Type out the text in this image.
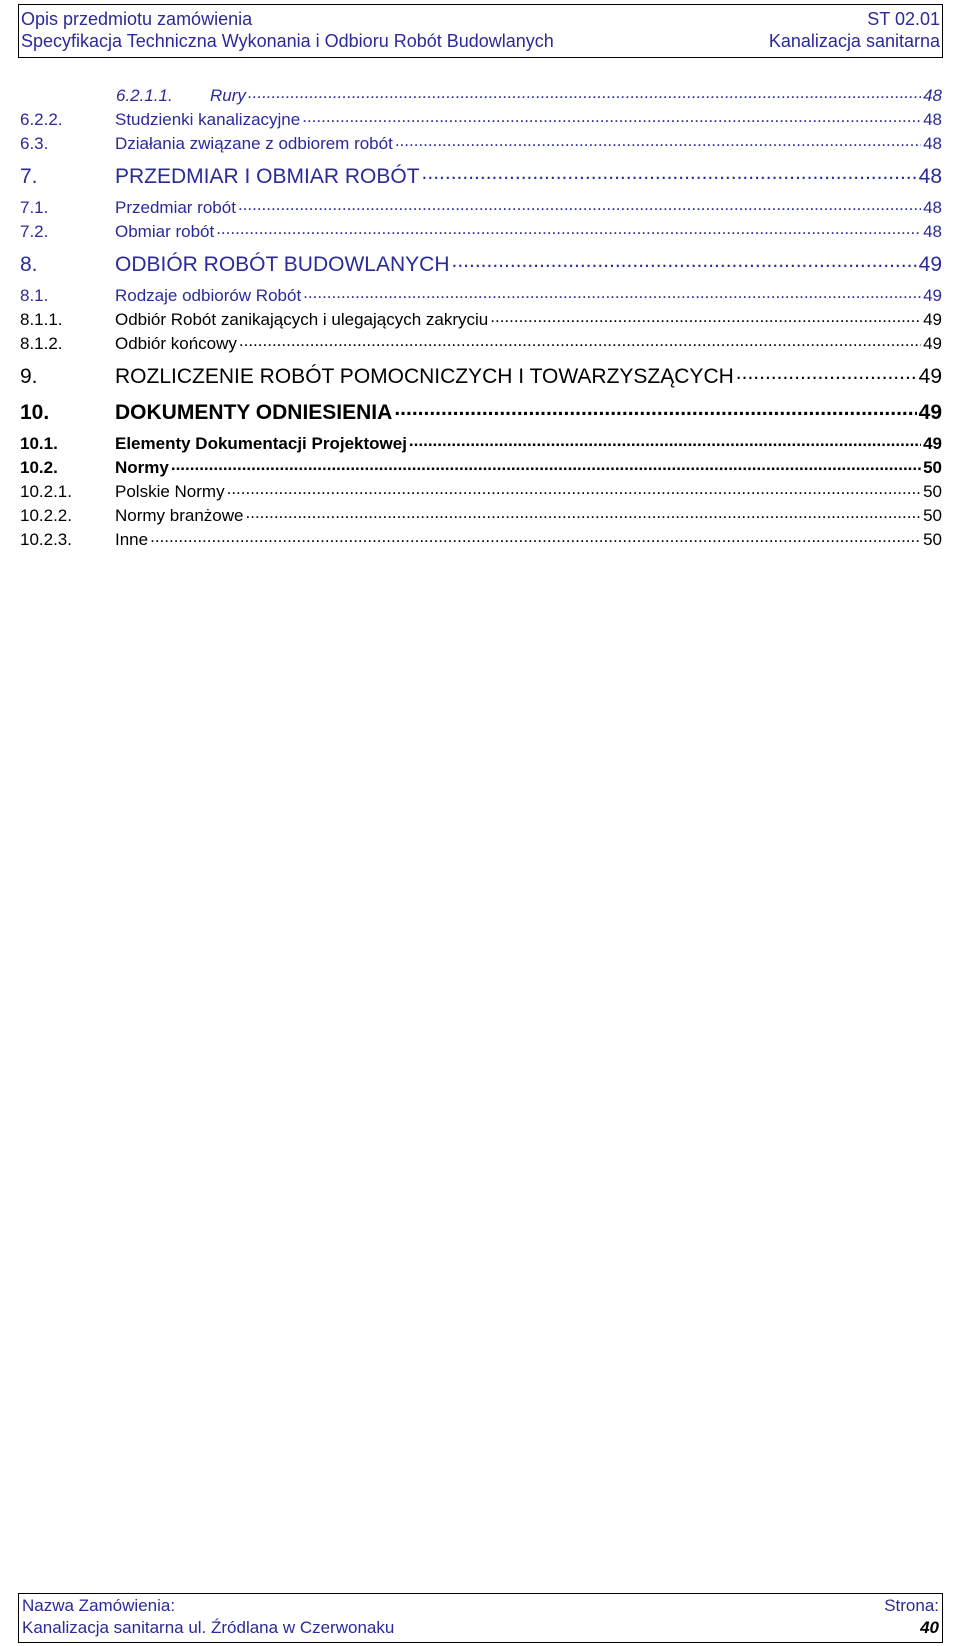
Opis przedmiotu zamówienia	ST 02.01
Specyfikacja Techniczna Wykonania i Odbioru Robót Budowlanych	Kanalizacja sanitarna
6.2.1.1.	Rury .....	48
6.2.2.	Studzienki kanalizacyjne .....	48
6.3.	Działania związane z odbiorem robót .....	48
7.	PRZEDMIAR I OBMIAR ROBÓT .....	48
7.1.	Przedmiar robót .....	48
7.2.	Obmiar robót .....	48
8.	ODBIÓR ROBÓT BUDOWLANYCH .....	49
8.1.	Rodzaje odbiorów Robót .....	49
8.1.1.	Odbiór Robót zanikających i ulegających zakryciu .....	49
8.1.2.	Odbiór końcowy .....	49
9.	ROZLICZENIE ROBÓT POMOCNICZYCH I TOWARZYSZĄCYCH .....	49
10.	DOKUMENTY ODNIESIENIA .....	49
10.1.	Elementy Dokumentacji Projektowej .....	49
10.2.	Normy .....	50
10.2.1.	Polskie Normy .....	50
10.2.2.	Normy branżowe .....	50
10.2.3.	Inne .....	50
Nazwa Zamówienia:	Strona:
Kanalizacja sanitarna ul. Źródlana w Czerwonaku	40
